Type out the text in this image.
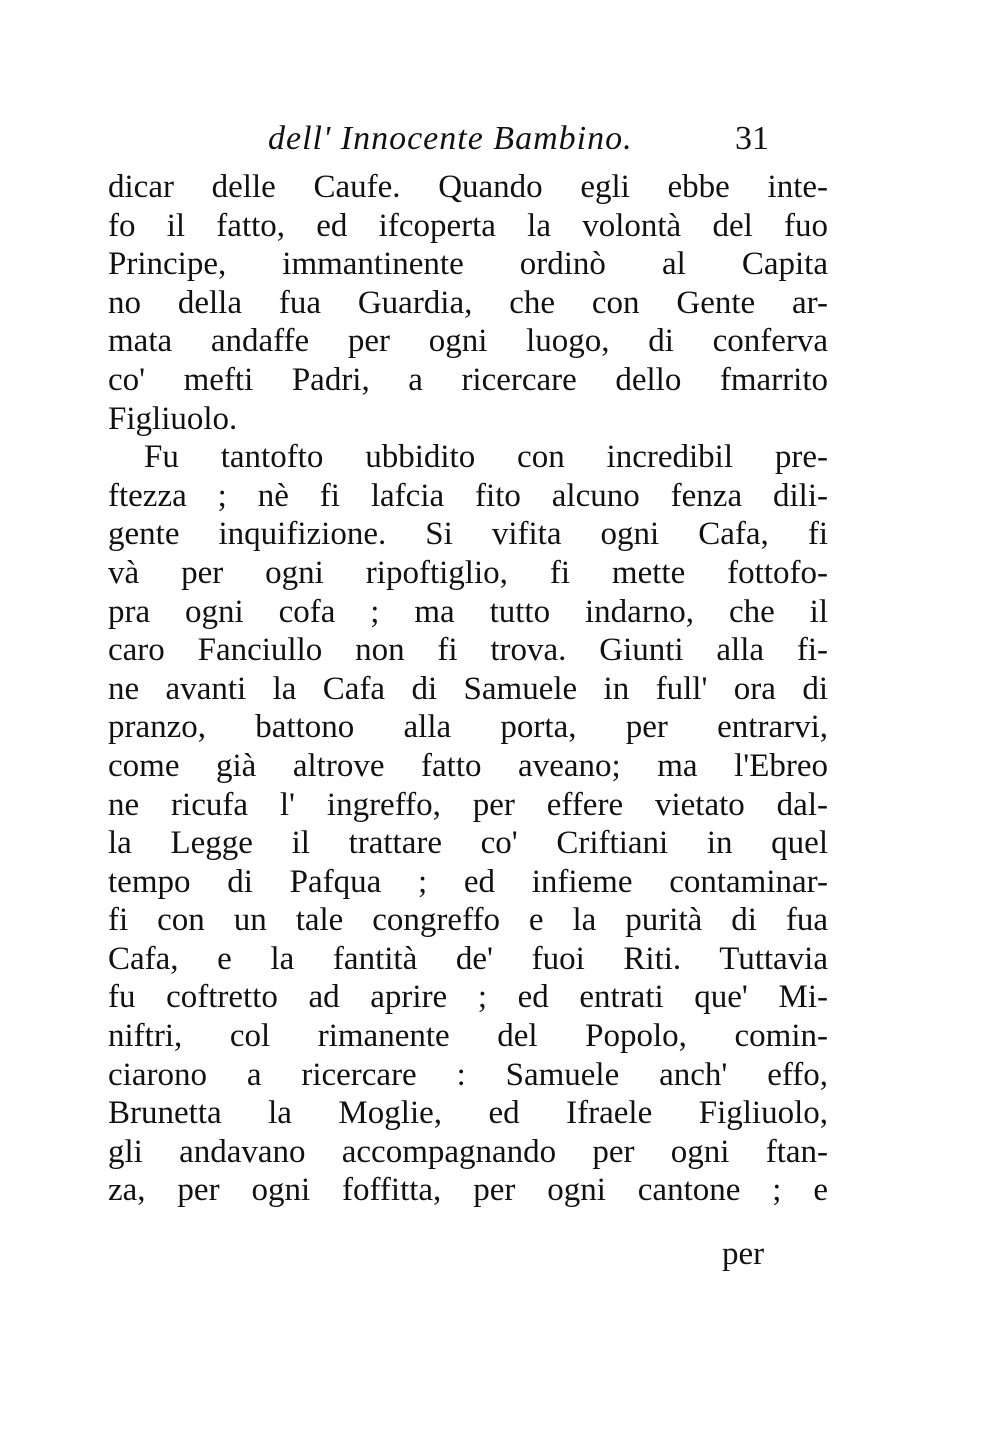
dell' Innocente Bambino.	31
dicar delle Caufe. Quando egli ebbe inte-
fo il fatto, ed ifcoperta la volontà del fuo
Principe, immantinente ordinò al Capita
no della fua Guardia, che con Gente ar-
mata andaffe per ogni luogo, di conferva
co' mefti Padri, a ricercare dello fmarrito
Figliuolo.
Fu tantofto ubbidito con incredibil pre-
ftezza ; nè fi lafcia fito alcuno fenza dili-
gente inquifizione. Si vifita ogni Cafa, fi
và per ogni ripoftiglio, fi mette fottofo-
pra ogni cofa ; ma tutto indarno, che il
caro Fanciullo non fi trova. Giunti alla fi-
ne avanti la Cafa di Samuele in full' ora di
pranzo, battono alla porta, per entrarvi,
come già altrove fatto aveano; ma l'Ebreo
ne ricufa l' ingreffo, per effere vietato dal-
la Legge il trattare co' Criftiani in quel
tempo di Pafqua ; ed infieme contaminar-
fi con un tale congreffo e la purità di fua
Cafa, e la fantità de' fuoi Riti. Tuttavia
fu coftretto ad aprire ; ed entrati que' Mi-
niftri, col rimanente del Popolo, comin-
ciarono a ricercare : Samuele anch' effo,
Brunetta la Moglie, ed Ifraele Figliuolo,
gli andavano accompagnando per ogni ftan-
za, per ogni foffitta, per ogni cantone ; e
per
